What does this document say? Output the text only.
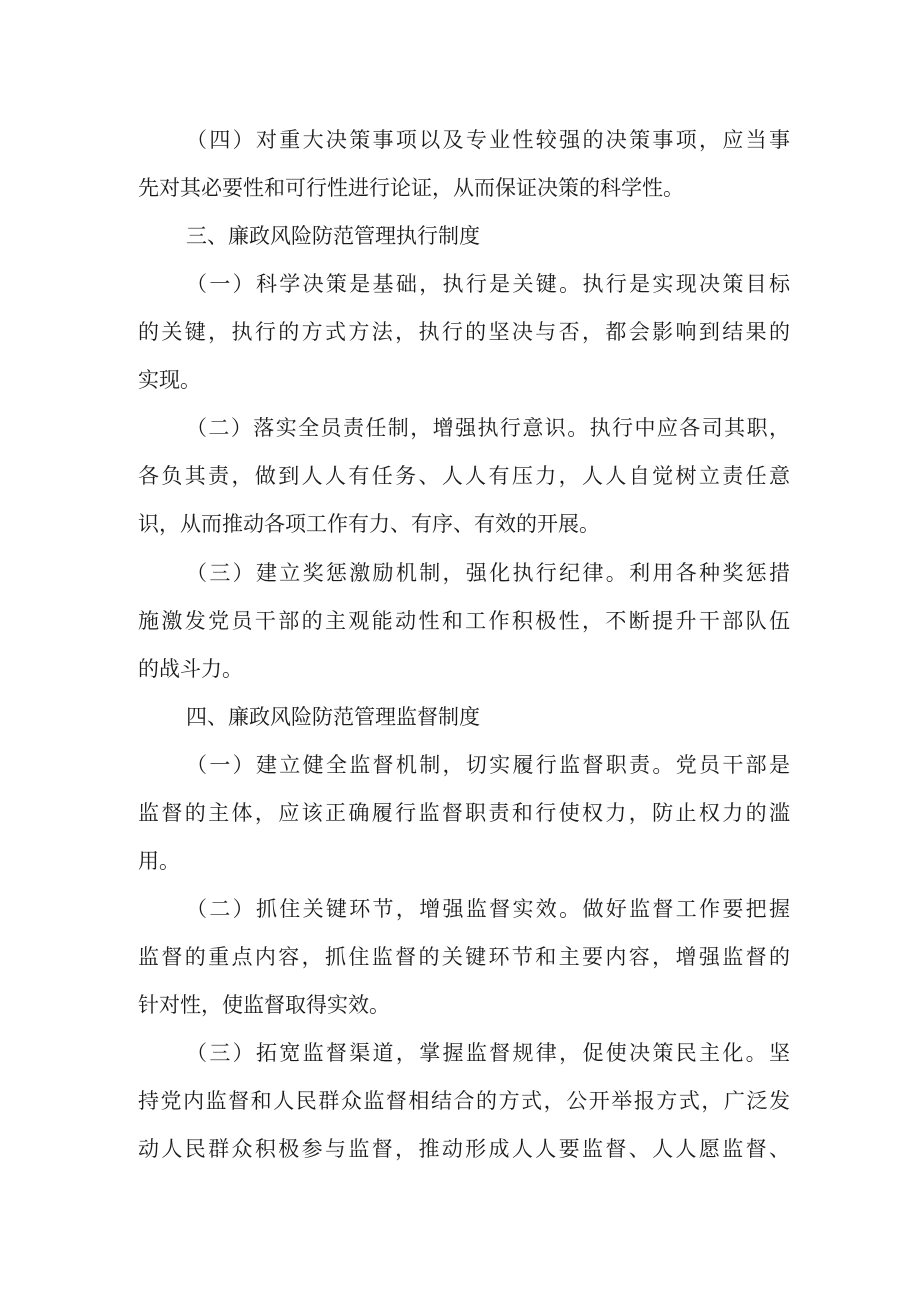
（四）对重大决策事项以及专业性较强的决策事项，应当事
先对其必要性和可行性进行论证，从而保证决策的科学性。
三、廉政风险防范管理执行制度
（一）科学决策是基础，执行是关键。执行是实现决策目标
的关键，执行的方式方法，执行的坚决与否，都会影响到结果的
实现。
（二）落实全员责任制，增强执行意识。执行中应各司其职，
各负其责，做到人人有任务、人人有压力，人人自觉树立责任意
识，从而推动各项工作有力、有序、有效的开展。
（三）建立奖惩激励机制，强化执行纪律。利用各种奖惩措
施激发党员干部的主观能动性和工作积极性，不断提升干部队伍
的战斗力。
四、廉政风险防范管理监督制度
（一）建立健全监督机制，切实履行监督职责。党员干部是
监督的主体，应该正确履行监督职责和行使权力，防止权力的滥
用。
（二）抓住关键环节，增强监督实效。做好监督工作要把握
监督的重点内容，抓住监督的关键环节和主要内容，增强监督的
针对性，使监督取得实效。
（三）拓宽监督渠道，掌握监督规律，促使决策民主化。坚
持党内监督和人民群众监督相结合的方式，公开举报方式，广泛发
动人民群众积极参与监督，推动形成人人要监督、人人愿监督、
